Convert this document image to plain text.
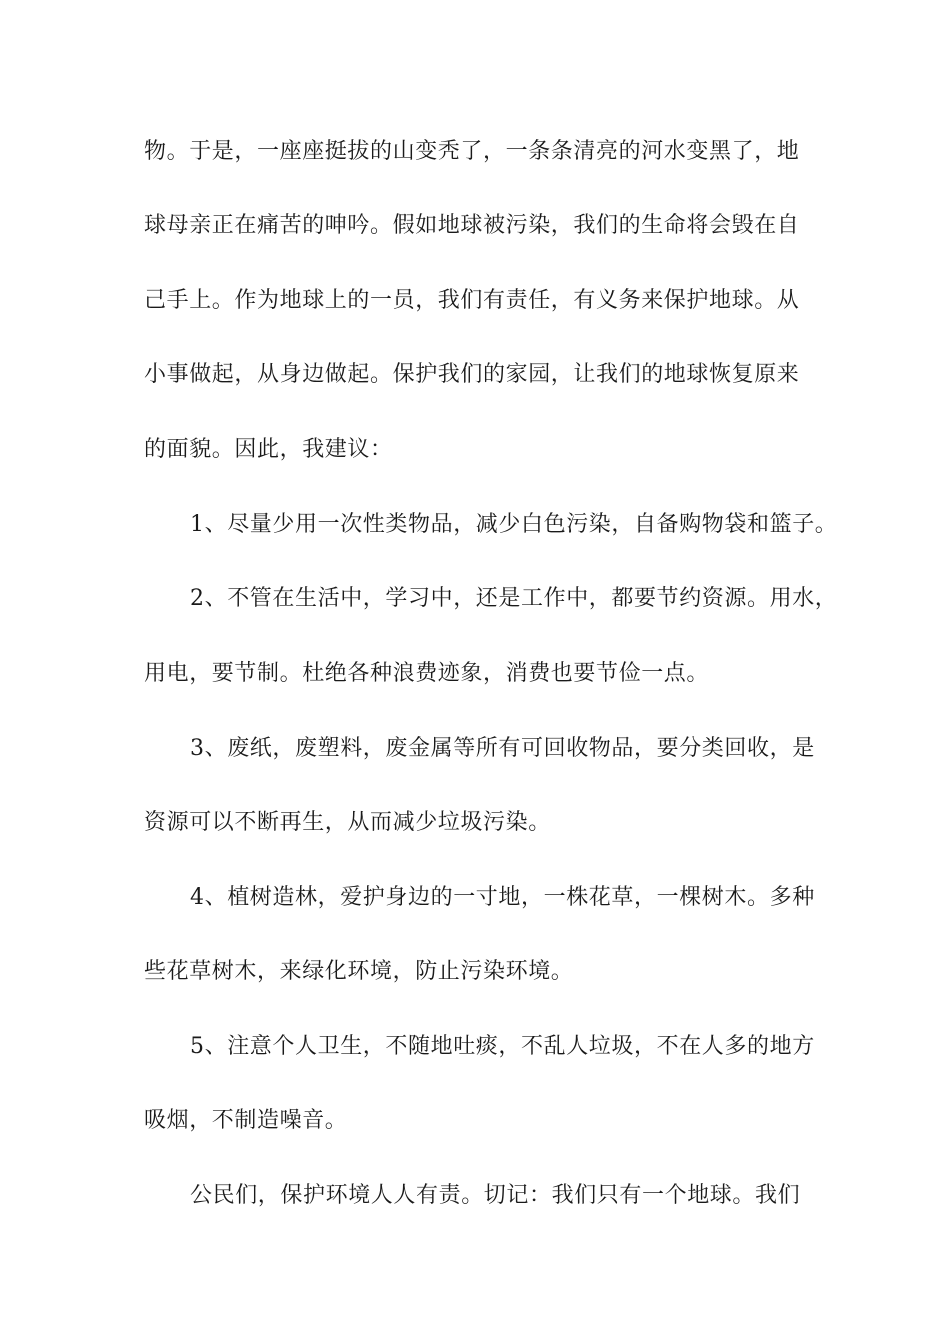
物。于是，一座座挺拔的山变秃了，一条条清亮的河水变黑了，地
球母亲正在痛苦的呻吟。假如地球被污染，我们的生命将会毁在自
己手上。作为地球上的一员，我们有责任，有义务来保护地球。从
小事做起，从身边做起。保护我们的家园，让我们的地球恢复原来
的面貌。因此，我建议：
1、尽量少用一次性类物品，减少白色污染，自备购物袋和篮子。
2、不管在生活中，学习中，还是工作中，都要节约资源。用水，
用电，要节制。杜绝各种浪费迹象，消费也要节俭一点。
3、废纸，废塑料，废金属等所有可回收物品，要分类回收，是
资源可以不断再生，从而减少垃圾污染。
4、植树造林，爱护身边的一寸地，一株花草，一棵树木。多种
些花草树木，来绿化环境，防止污染环境。
5、注意个人卫生，不随地吐痰，不乱人垃圾，不在人多的地方
吸烟，不制造噪音。
公民们，保护环境人人有责。切记：我们只有一个地球。我们
